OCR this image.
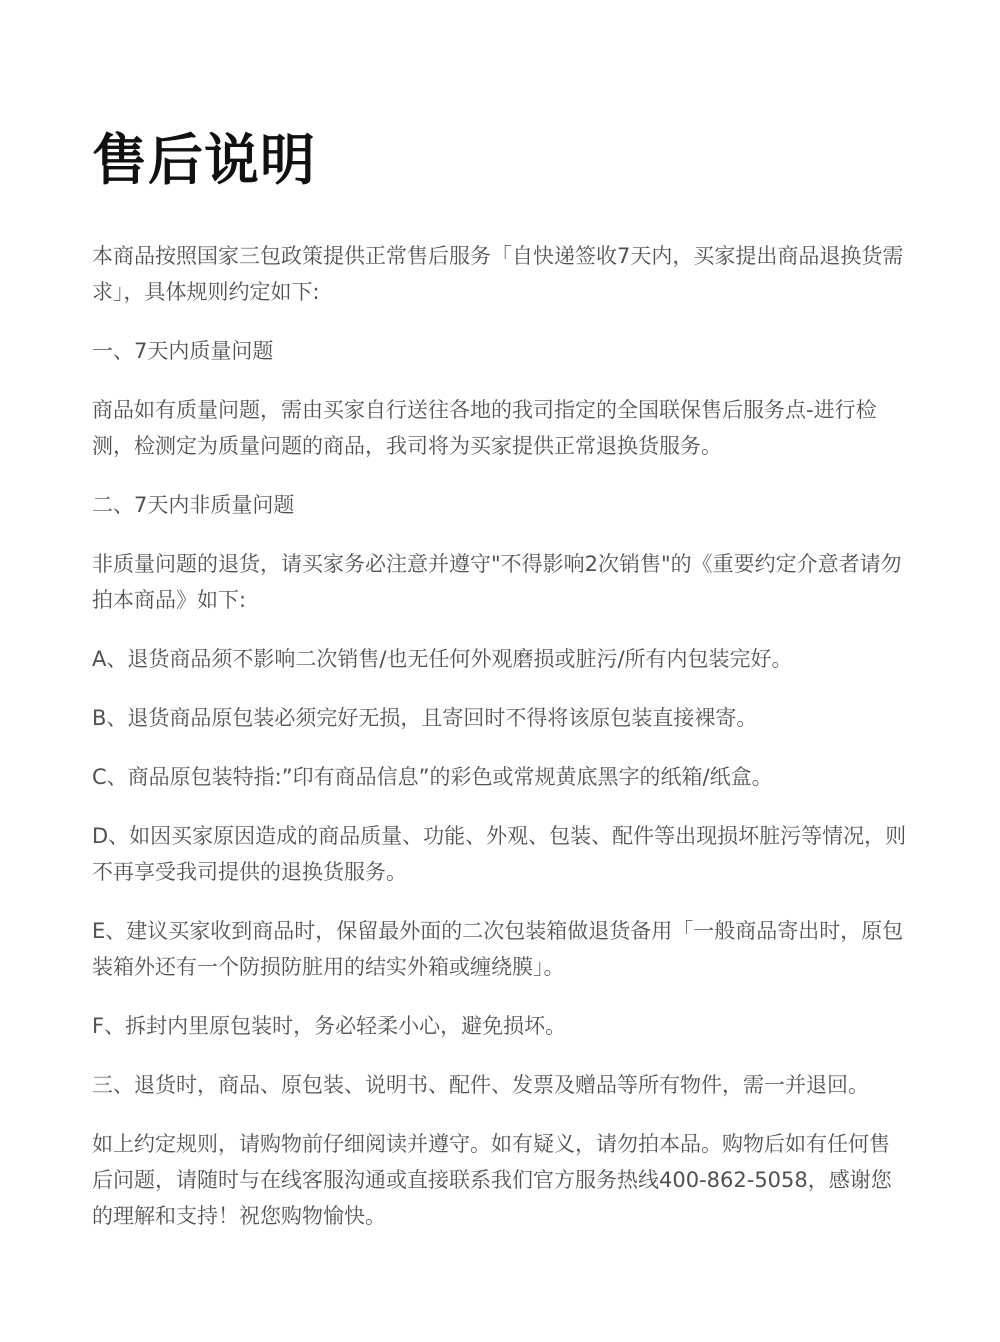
售后说明

本商品按照国家三包政策提供正常售后服务「自快递签收7天内，买家提出商品退换货需求」，具体规则约定如下:

一、7天内质量问题

商品如有质量问题，需由买家自行送往各地的我司指定的全国联保售后服务点-进行检测，检测定为质量问题的商品，我司将为买家提供正常退换货服务。

二、7天内非质量问题

非质量问题的退货，请买家务必注意并遵守"不得影响2次销售"的《重要约定介意者请勿拍本商品》如下:

A、退货商品须不影响二次销售/也无任何外观磨损或脏污/所有内包装完好。

B、退货商品原包装必须完好无损，且寄回时不得将该原包装直接裸寄。

C、商品原包装特指:”印有商品信息”的彩色或常规黄底黑字的纸箱/纸盒。

D、如因买家原因造成的商品质量、功能、外观、包装、配件等出现损坏脏污等情况，则不再享受我司提供的退换货服务。

E、建议买家收到商品时，保留最外面的二次包装箱做退货备用「一般商品寄出时，原包装箱外还有一个防损防脏用的结实外箱或缠绕膜」。

F、拆封内里原包装时，务必轻柔小心，避免损坏。

三、退货时，商品、原包装、说明书、配件、发票及赠品等所有物件，需一并退回。

如上约定规则，请购物前仔细阅读并遵守。如有疑义，请勿拍本品。购物后如有任何售后问题，请随时与在线客服沟通或直接联系我们官方服务热线400-862-5058，感谢您的理解和支持！祝您购物愉快。
